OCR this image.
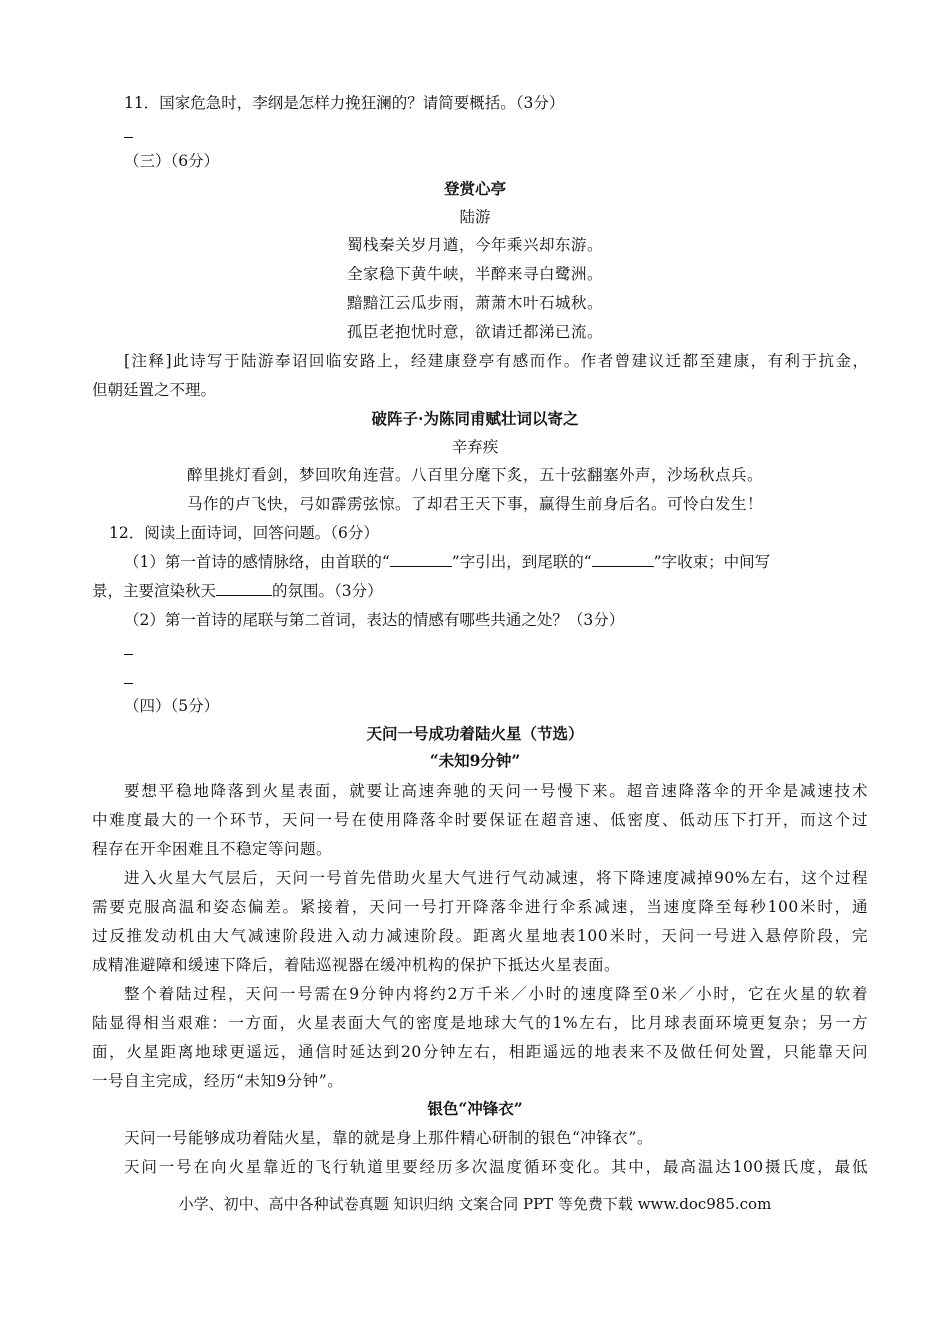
11．国家危急时，李纲是怎样力挽狂澜的？请简要概括。（3分）
（三）（6分）
登赏心亭
陆游
蜀栈秦关岁月遒，今年乘兴却东游。
全家稳下黄牛峡，半醉来寻白鹭洲。
黯黯江云瓜步雨，萧萧木叶石城秋。
孤臣老抱忧时意，欲请迁都涕已流。
[注释]此诗写于陆游奉诏回临安路上，经建康登亭有感而作。作者曾建议迁都至建康，有利于抗金，
但朝廷置之不理。
破阵子·为陈同甫赋壮词以寄之
辛弃疾
醉里挑灯看剑，梦回吹角连营。八百里分麾下炙，五十弦翻塞外声，沙场秋点兵。
马作的卢飞快，弓如霹雳弦惊。了却君王天下事，赢得生前身后名。可怜白发生！
12．阅读上面诗词，回答问题。（6分）
（1）第一首诗的感情脉络，由首联的“	”字引出，到尾联的“	”字收束；中间写
景，主要渲染秋天	的氛围。（3分）
（2）第一首诗的尾联与第二首词，表达的情感有哪些共通之处？（3分）
（四）（5分）
天问一号成功着陆火星（节选）
“未知9分钟”
要想平稳地降落到火星表面，就要让高速奔驰的天问一号慢下来。超音速降落伞的开伞是减速技术
中难度最大的一个环节，天问一号在使用降落伞时要保证在超音速、低密度、低动压下打开，而这个过
程存在开伞困难且不稳定等问题。
进入火星大气层后，天问一号首先借助火星大气进行气动减速，将下降速度减掉90%左右，这个过程
需要克服高温和姿态偏差。紧接着，天问一号打开降落伞进行伞系减速，当速度降至每秒100米时，通
过反推发动机由大气减速阶段进入动力减速阶段。距离火星地表100米时，天问一号进入悬停阶段，完
成精准避障和缓速下降后，着陆巡视器在缓冲机构的保护下抵达火星表面。
整个着陆过程，天问一号需在9分钟内将约2万千米／小时的速度降至0米／小时，它在火星的软着
陆显得相当艰难：一方面，火星表面大气的密度是地球大气的1%左右，比月球表面环境更复杂；另一方
面，火星距离地球更遥远，通信时延达到20分钟左右，相距遥远的地表来不及做任何处置，只能靠天问
一号自主完成，经历“未知9分钟”。
银色“冲锋衣”
天问一号能够成功着陆火星，靠的就是身上那件精心研制的银色“冲锋衣”。
天问一号在向火星靠近的飞行轨道里要经历多次温度循环变化。其中，最高温达100摄氏度，最低
小学、初中、高中各种试卷真题 知识归纳 文案合同 PPT 等免费下载 www.doc985.com
